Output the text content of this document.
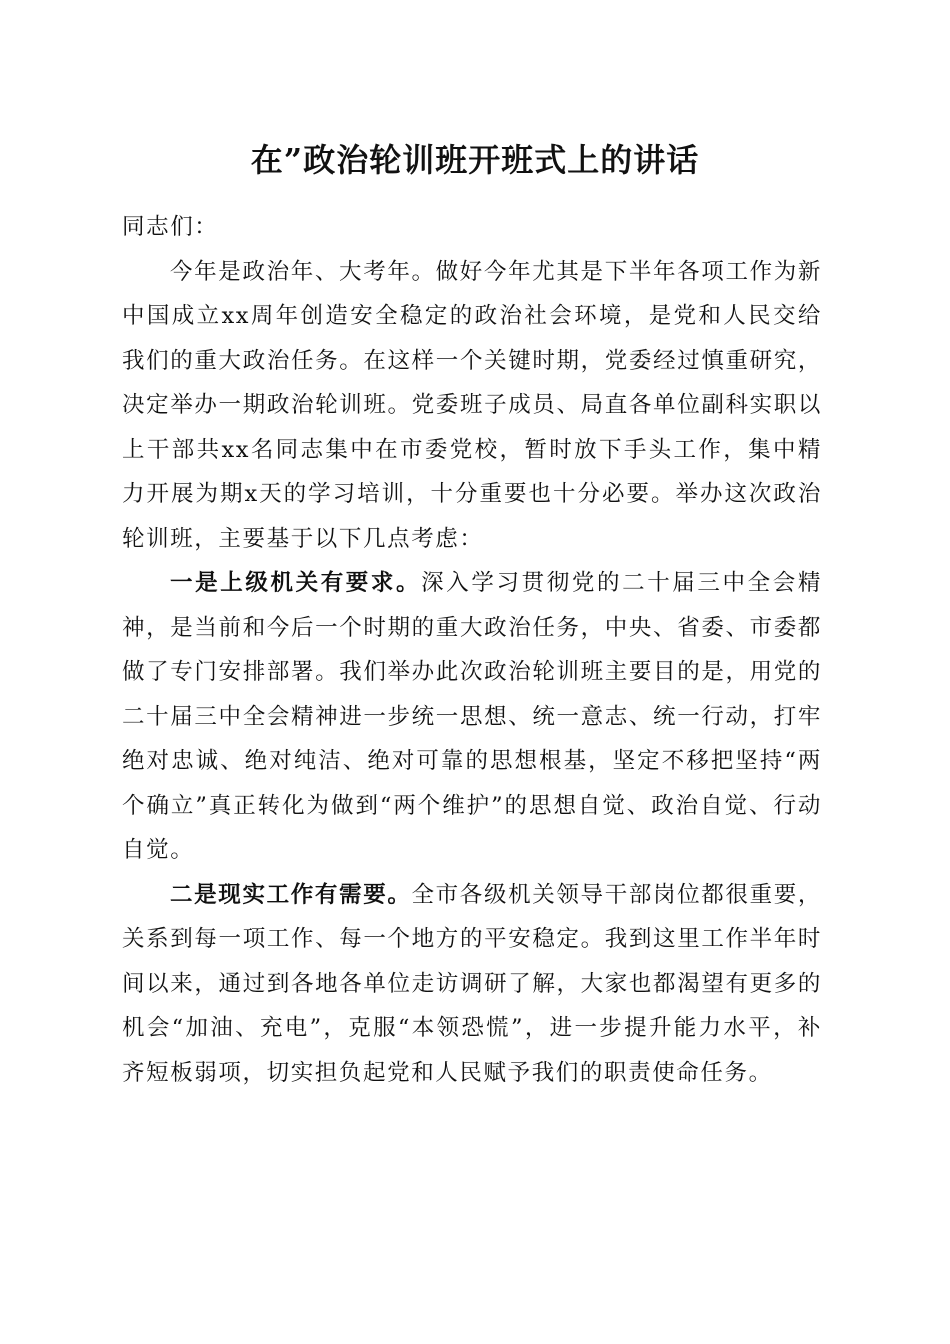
在”政治轮训班开班式上的讲话

同志们：

今年是政治年、大考年。做好今年尤其是下半年各项工作为新中国成立xx周年创造安全稳定的政治社会环境，是党和人民交给我们的重大政治任务。在这样一个关键时期，党委经过慎重研究，决定举办一期政治轮训班。党委班子成员、局直各单位副科实职以上干部共xx名同志集中在市委党校，暂时放下手头工作，集中精力开展为期x天的学习培训，十分重要也十分必要。举办这次政治轮训班，主要基于以下几点考虑：

一是上级机关有要求。深入学习贯彻党的二十届三中全会精神，是当前和今后一个时期的重大政治任务，中央、省委、市委都做了专门安排部署。我们举办此次政治轮训班主要目的是，用党的二十届三中全会精神进一步统一思想、统一意志、统一行动，打牢绝对忠诚、绝对纯洁、绝对可靠的思想根基，坚定不移把坚持“两个确立”真正转化为做到“两个维护”的思想自觉、政治自觉、行动自觉。

二是现实工作有需要。全市各级机关领导干部岗位都很重要，关系到每一项工作、每一个地方的平安稳定。我到这里工作半年时间以来，通过到各地各单位走访调研了解，大家也都渴望有更多的机会“加油、充电”，克服“本领恐慌”，进一步提升能力水平，补齐短板弱项，切实担负起党和人民赋予我们的职责使命任务。
